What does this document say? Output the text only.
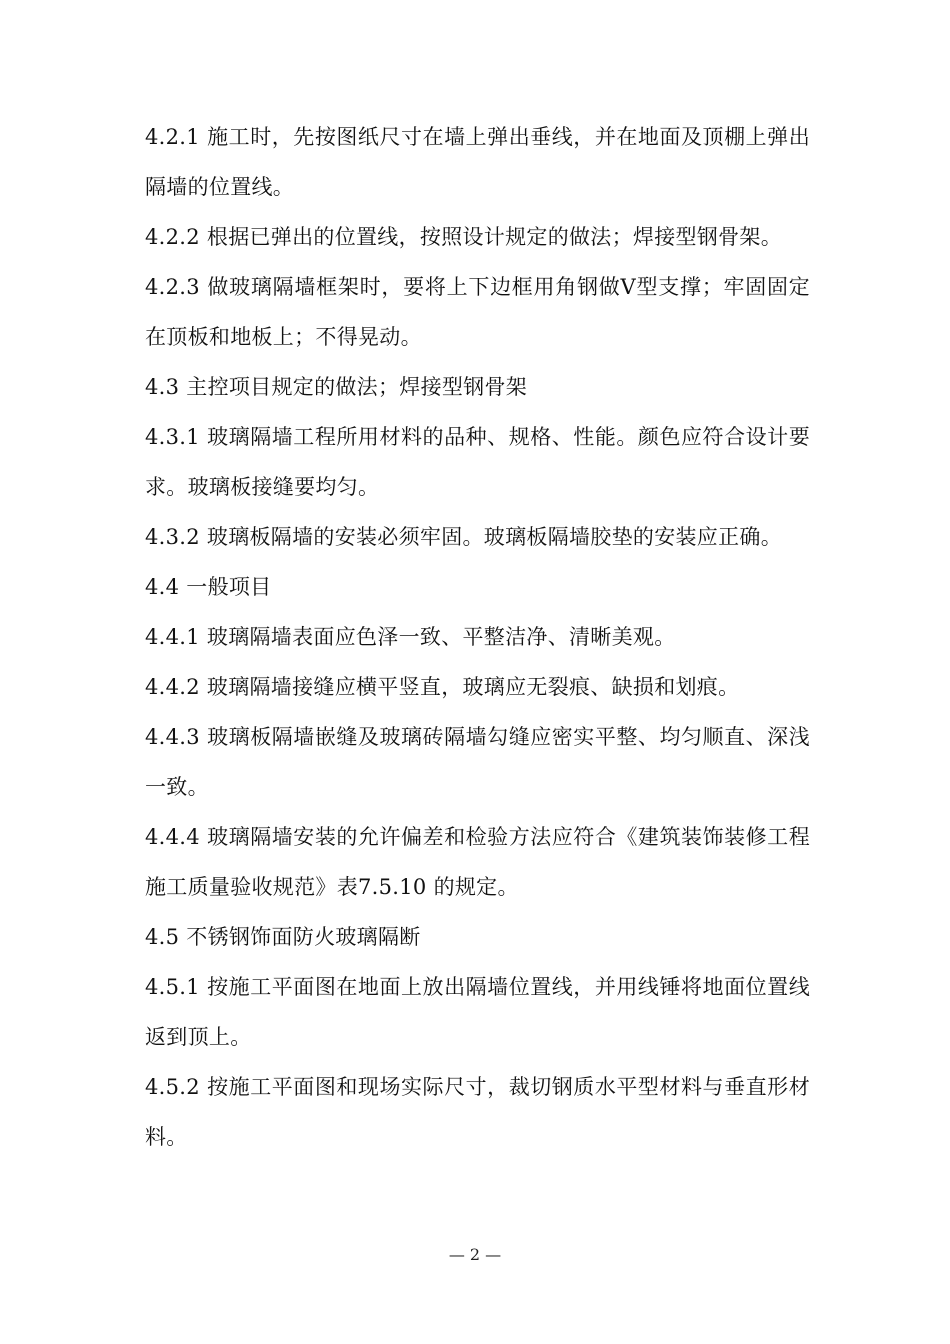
4.2.1 施工时，先按图纸尺寸在墙上弹出垂线，并在地面及顶棚上弹出隔墙的位置线。

4.2.2 根据已弹出的位置线，按照设计规定的做法；焊接型钢骨架。

4.2.3 做玻璃隔墙框架时，要将上下边框用角钢做V型支撑；牢固固定在顶板和地板上；不得晃动。

4.3 主控项目规定的做法；焊接型钢骨架

4.3.1 玻璃隔墙工程所用材料的品种、规格、性能。颜色应符合设计要求。玻璃板接缝要均匀。

4.3.2 玻璃板隔墙的安装必须牢固。玻璃板隔墙胶垫的安装应正确。

4.4 一般项目

4.4.1 玻璃隔墙表面应色泽一致、平整洁净、清晰美观。

4.4.2 玻璃隔墙接缝应横平竖直，玻璃应无裂痕、缺损和划痕。

4.4.3 玻璃板隔墙嵌缝及玻璃砖隔墙勾缝应密实平整、均匀顺直、深浅一致。

4.4.4 玻璃隔墙安装的允许偏差和检验方法应符合《建筑装饰装修工程施工质量验收规范》表7.5.10 的规定。

4.5 不锈钢饰面防火玻璃隔断

4.5.1 按施工平面图在地面上放出隔墙位置线，并用线锤将地面位置线返到顶上。

4.5.2 按施工平面图和现场实际尺寸，裁切钢质水平型材料与垂直形材料。

— 2 —
